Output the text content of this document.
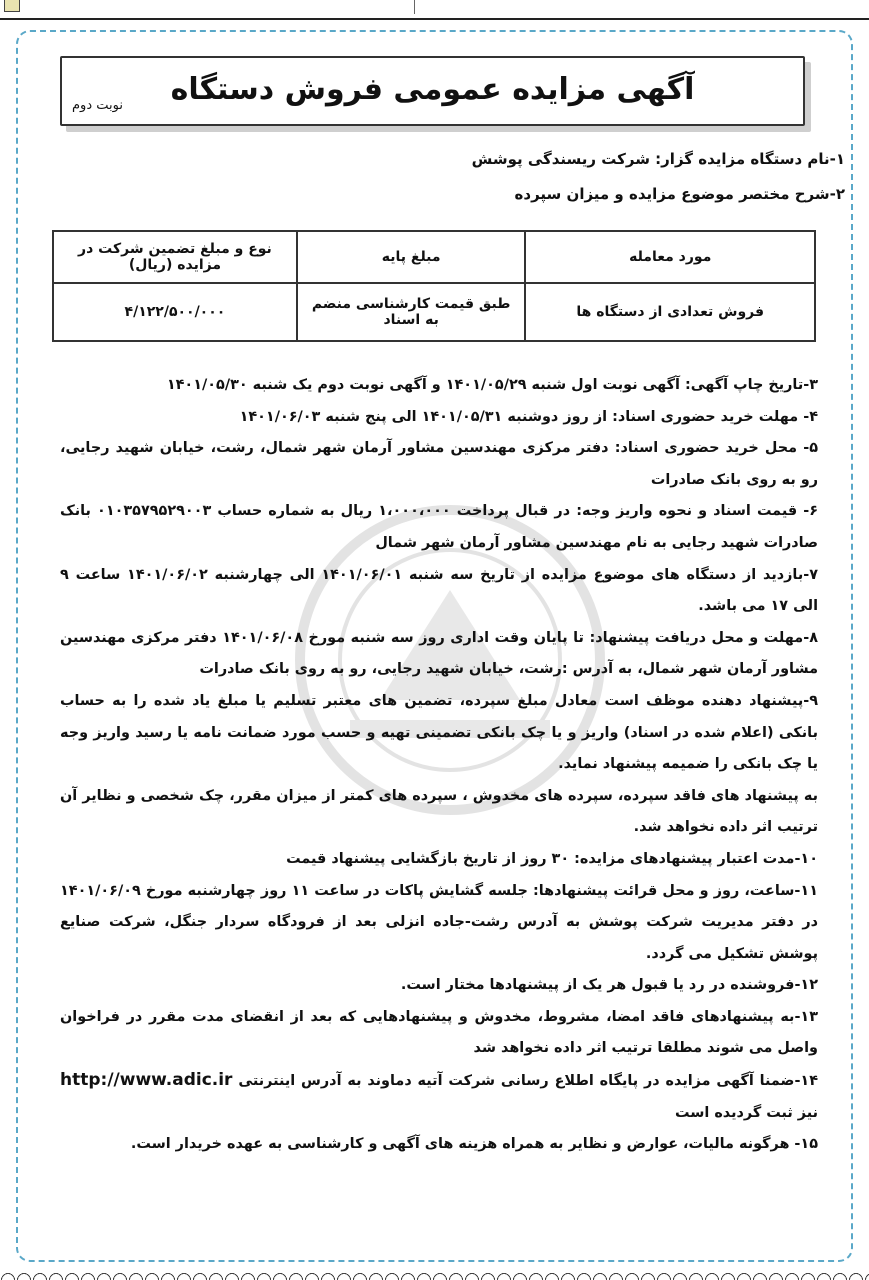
آگهی مزایده عمومی فروش دستگاه
نوبت دوم
۱-نام دستگاه مزایده گزار: شرکت ریسندگی پوشش
۲-شرح مختصر موضوع مزایده و میزان سپرده
مورد معامله	مبلغ پایه	نوع و مبلغ تضمین شرکت در مزایده (ریال)
فروش تعدادی از دستگاه ها	طبق قیمت کارشناسی منضم به اسناد	۴/۱۲۲/۵۰۰/۰۰۰

۳-تاریخ چاپ آگهی: آگهی نوبت اول شنبه ۱۴۰۱/۰۵/۲۹ و آگهی نوبت دوم یک شنبه ۱۴۰۱/۰۵/۳۰

۴- مهلت خرید حضوری اسناد: از روز دوشنبه ۱۴۰۱/۰۵/۳۱ الی پنج شنبه ۱۴۰۱/۰۶/۰۳

۵- محل خرید حضوری اسناد: دفتر مرکزی مهندسین مشاور آرمان شهر شمال، رشت، خیابان شهید رجایی، رو به روی بانک صادرات

۶- قیمت اسناد و نحوه واریز وجه: در قبال پرداخت ۱،۰۰۰،۰۰۰ ریال به شماره حساب ۰۱۰۳۵۷۹۵۲۹۰۰۳ بانک صادرات شهید رجایی به نام مهندسین مشاور آرمان شهر شمال

۷-بازدید از دستگاه های موضوع مزایده از تاریخ سه شنبه ۱۴۰۱/۰۶/۰۱ الی چهارشنبه ۱۴۰۱/۰۶/۰۲ ساعت ۹ الی ۱۷ می باشد.

۸-مهلت و محل دریافت پیشنهاد: تا پایان وقت اداری روز سه شنبه مورخ ۱۴۰۱/۰۶/۰۸ دفتر مرکزی مهندسین مشاور آرمان شهر شمال، به آدرس :رشت، خیابان شهید رجایی، رو به روی بانک صادرات

۹-پیشنهاد دهنده موظف است معادل مبلغ سپرده، تضمین های معتبر تسلیم یا مبلغ یاد شده را به حساب بانکی (اعلام شده در اسناد) واریز و یا چک بانکی تضمینی تهیه و حسب مورد ضمانت نامه یا رسید واریز وجه یا چک بانکی را ضمیمه پیشنهاد نماید.

به پیشنهاد های فاقد سپرده، سپرده های مخدوش ، سپرده های کمتر از میزان مقرر، چک شخصی و نظایر آن ترتیب اثر داده نخواهد شد.

۱۰-مدت اعتبار پیشنهادهای مزایده: ۳۰ روز از تاریخ بازگشایی پیشنهاد قیمت

۱۱-ساعت، روز و محل قرائت پیشنهادها: جلسه گشایش پاکات در ساعت ۱۱ روز چهارشنبه مورخ ۱۴۰۱/۰۶/۰۹ در دفتر مدیریت شرکت پوشش به آدرس رشت-جاده انزلی بعد از فرودگاه سردار جنگل، شرکت صنایع پوشش تشکیل می گردد.

۱۲-فروشنده در رد یا قبول هر یک از پیشنهادها مختار است.

۱۳-به پیشنهادهای فاقد امضا، مشروط، مخدوش و پیشنهادهایی که بعد از انقضای مدت مقرر در فراخوان واصل می شوند مطلقا ترتیب اثر داده نخواهد شد

۱۴-ضمنا آگهی مزایده در پایگاه اطلاع رسانی شرکت آتیه دماوند به آدرس اینترنتی http://www.adic.ir نیز ثبت گردیده است

۱۵- هرگونه مالیات، عوارض و نظایر به همراه هزینه های آگهی و کارشناسی به عهده خریدار است.
